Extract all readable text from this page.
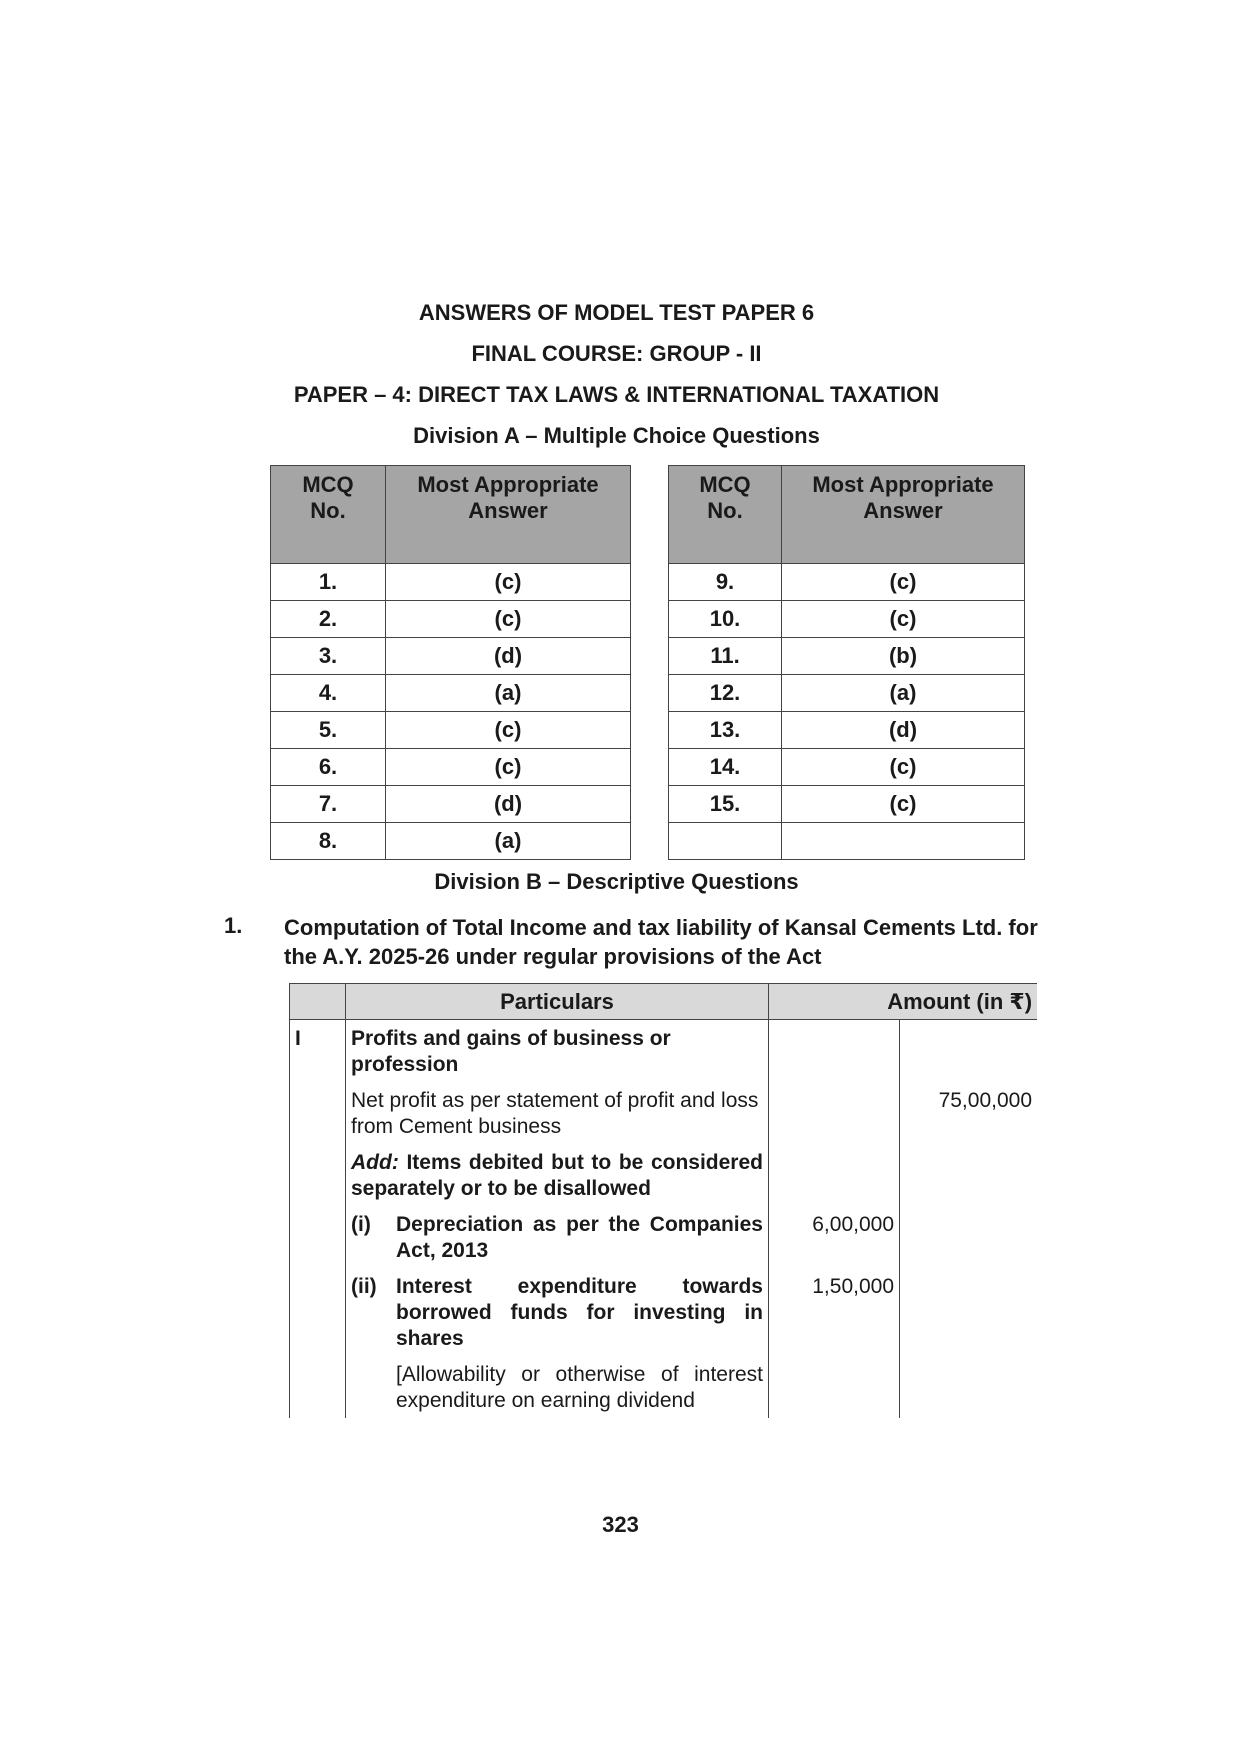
ANSWERS OF MODEL TEST PAPER 6
FINAL COURSE: GROUP - II
PAPER – 4: DIRECT TAX LAWS & INTERNATIONAL TAXATION
Division A – Multiple Choice Questions
MCQ
No.	Most Appropriate
Answer
1.	(c)
2.	(c)
3.	(d)
4.	(a)
5.	(c)
6.	(c)
7.	(d)
8.	(a)
MCQ
No.	Most Appropriate
Answer
9.	(c)
10.	(c)
11.	(b)
12.	(a)
13.	(d)
14.	(c)
15.	(c)

Division B – Descriptive Questions
1. Computation of Total Income and tax liability of Kansal Cements Ltd. for the A.Y. 2025-26 under regular provisions of the Act
	Particulars	Amount (in ₹)	
I	Profits and gains of business or profession		
	Net profit as per statement of profit and loss from Cement business		75,00,000
	Add: Items debited but to be considered separately or to be disallowed		

	(i) Depreciation as per the Companies Act, 2013	6,00,000	

	(ii) Interest expenditure towards borrowed funds for investing in shares	1,50,000	

	[Allowability or otherwise of interest expenditure on earning dividend		

323
